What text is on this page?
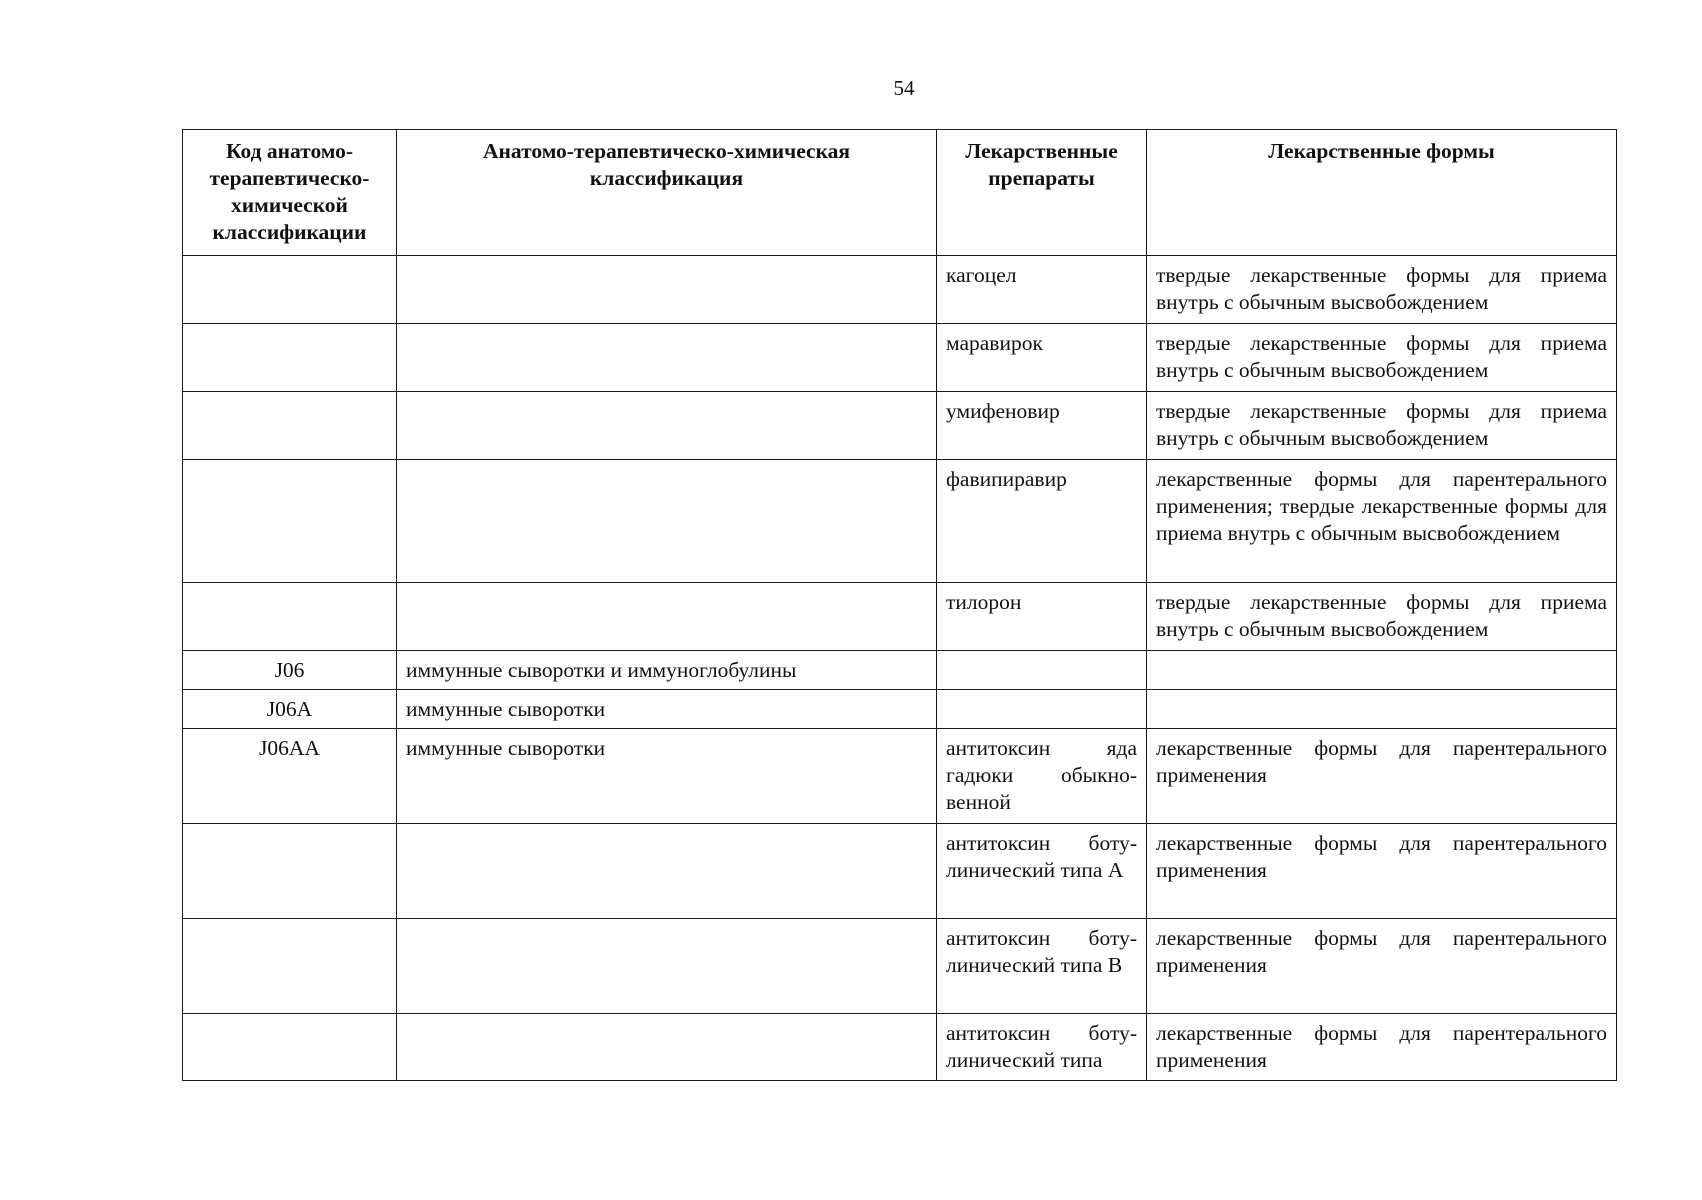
54
Код анатомо-терапевтическо-химической классификации	Анатомо-терапевтическо-химическая классификация	Лекарственные препараты	Лекарственные формы
		кагоцел	твердые лекарственные формы для приема внутрь с обычным высвобождением
		маравирок	твердые лекарственные формы для приема внутрь с обычным высвобождением
		умифеновир	твердые лекарственные формы для приема внутрь с обычным высвобождением
		фавипиравир	лекарственные формы для парентерального применения; твердые лекарственные формы для приема внутрь с обычным высвобождением
		тилорон	твердые лекарственные формы для приема внутрь с обычным высвобождением
J06	иммунные сыворотки и иммуноглобулины		
J06A	иммунные сыворотки		
J06AA	иммунные сыворотки	антитоксин яда гадюки обыкновенной	лекарственные формы для парентерального применения
		антитоксин ботулинический типа A	лекарственные формы для парентерального применения
		антитоксин ботулинический типа B	лекарственные формы для парентерального применения
		антитоксин ботулинический типа	лекарственные формы для парентерального применения
